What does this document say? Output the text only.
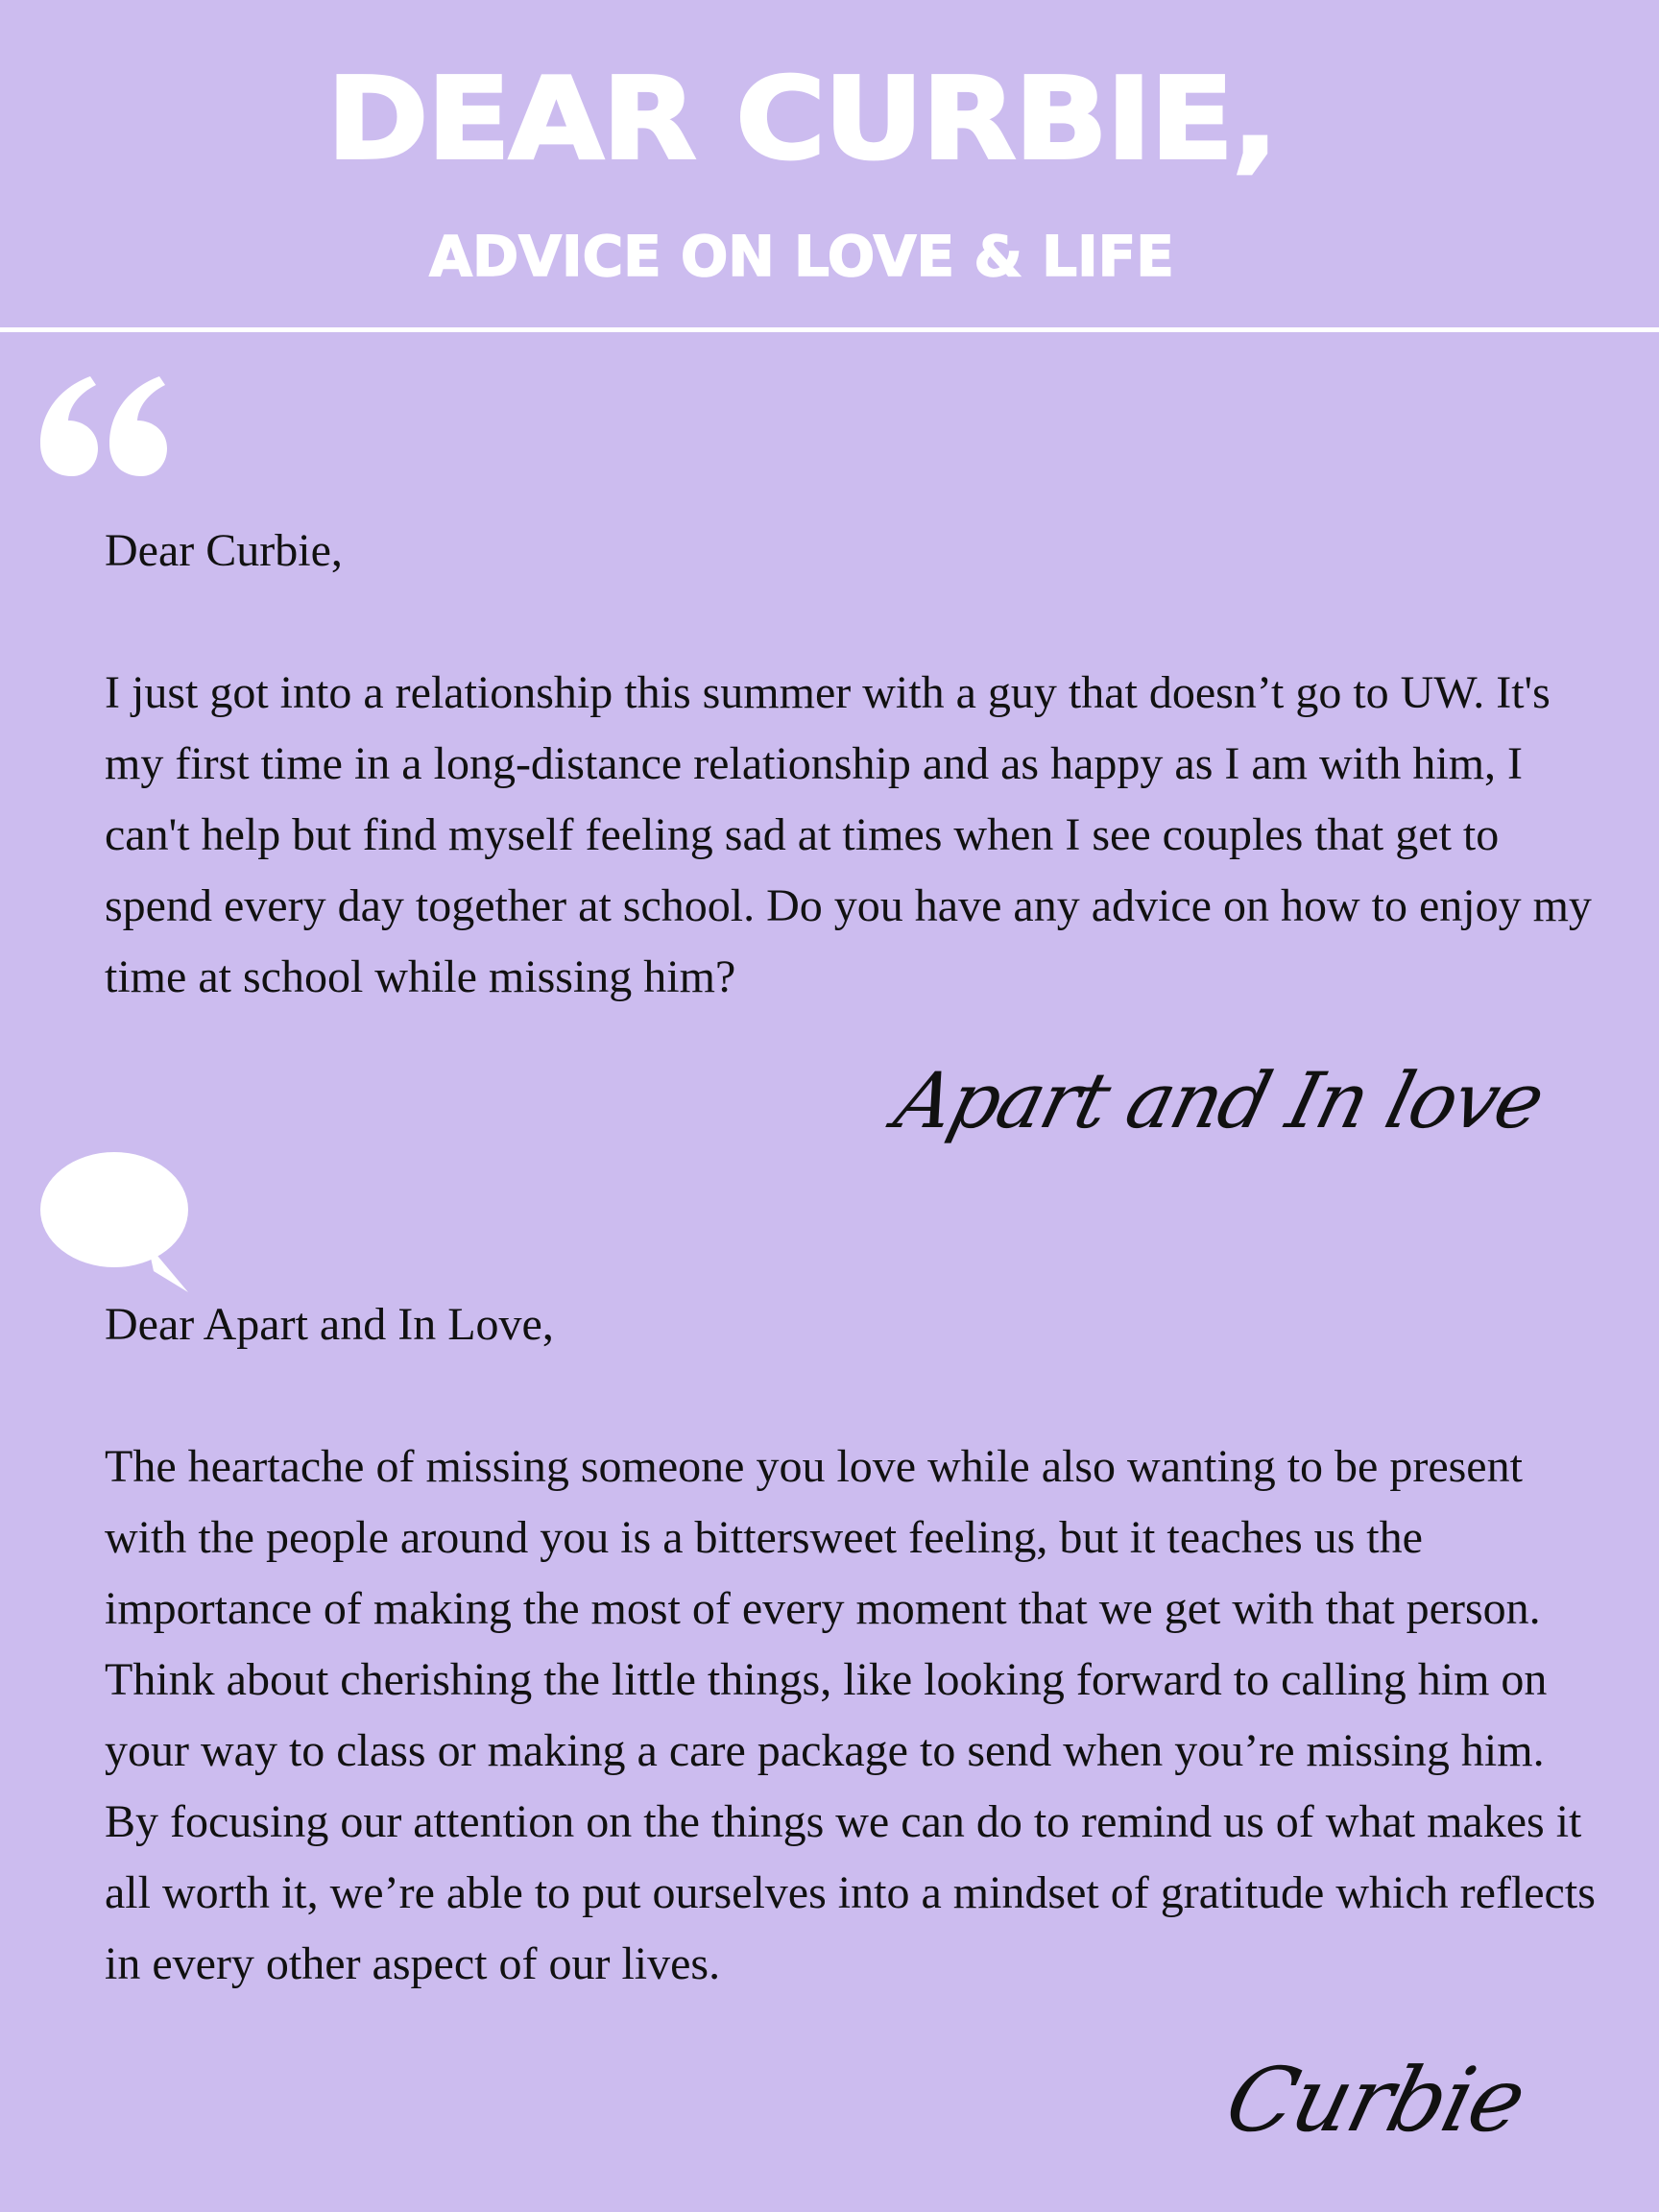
DEAR CURBIE,
ADVICE ON LOVE & LIFE

Dear Curbie,

I just got into a relationship this summer with a guy that doesn’t go to UW. It's my first time in a long-distance relationship and as happy as I am with him, I can't help but find myself feeling sad at times when I see couples that get to spend every day together at school. Do you have any advice on how to enjoy my time at school while missing him?

Apart and In love

Dear Apart and In Love,

The heartache of missing someone you love while also wanting to be present with the people around you is a bittersweet feeling, but it teaches us the importance of making the most of every moment that we get with that person. Think about cherishing the little things, like looking forward to calling him on your way to class or making a care package to send when you’re missing him. By focusing our attention on the things we can do to remind us of what makes it all worth it, we’re able to put ourselves into a mindset of gratitude which reflects in every other aspect of our lives.

Curbie
